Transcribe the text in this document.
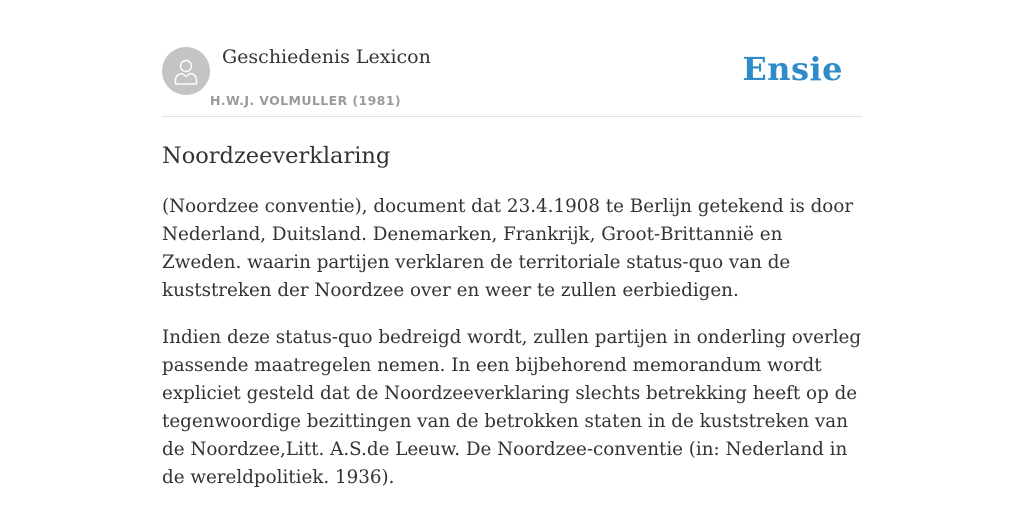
Geschiedenis Lexicon
H.W.J. VOLMULLER (1981)
Ensie
Noordzeeverklaring

(Noordzee conventie), document dat 23.4.1908 te Berlijn getekend is door Nederland, Duitsland. Denemarken, Frankrijk, Groot-Brittannië en Zweden. waarin partijen verklaren de territoriale status-quo van de kuststreken der Noordzee over en weer te zullen eerbiedigen.

Indien deze status-quo bedreigd wordt, zullen partijen in onderling overleg passende maatregelen nemen. In een bijbehorend memorandum wordt expliciet gesteld dat de Noordzeeverklaring slechts betrekking heeft op de tegenwoordige bezittingen van de betrokken staten in de kuststreken van de Noordzee,Litt. A.S.de Leeuw. De Noordzee-conventie (in: Nederland in de wereldpolitiek. 1936).
